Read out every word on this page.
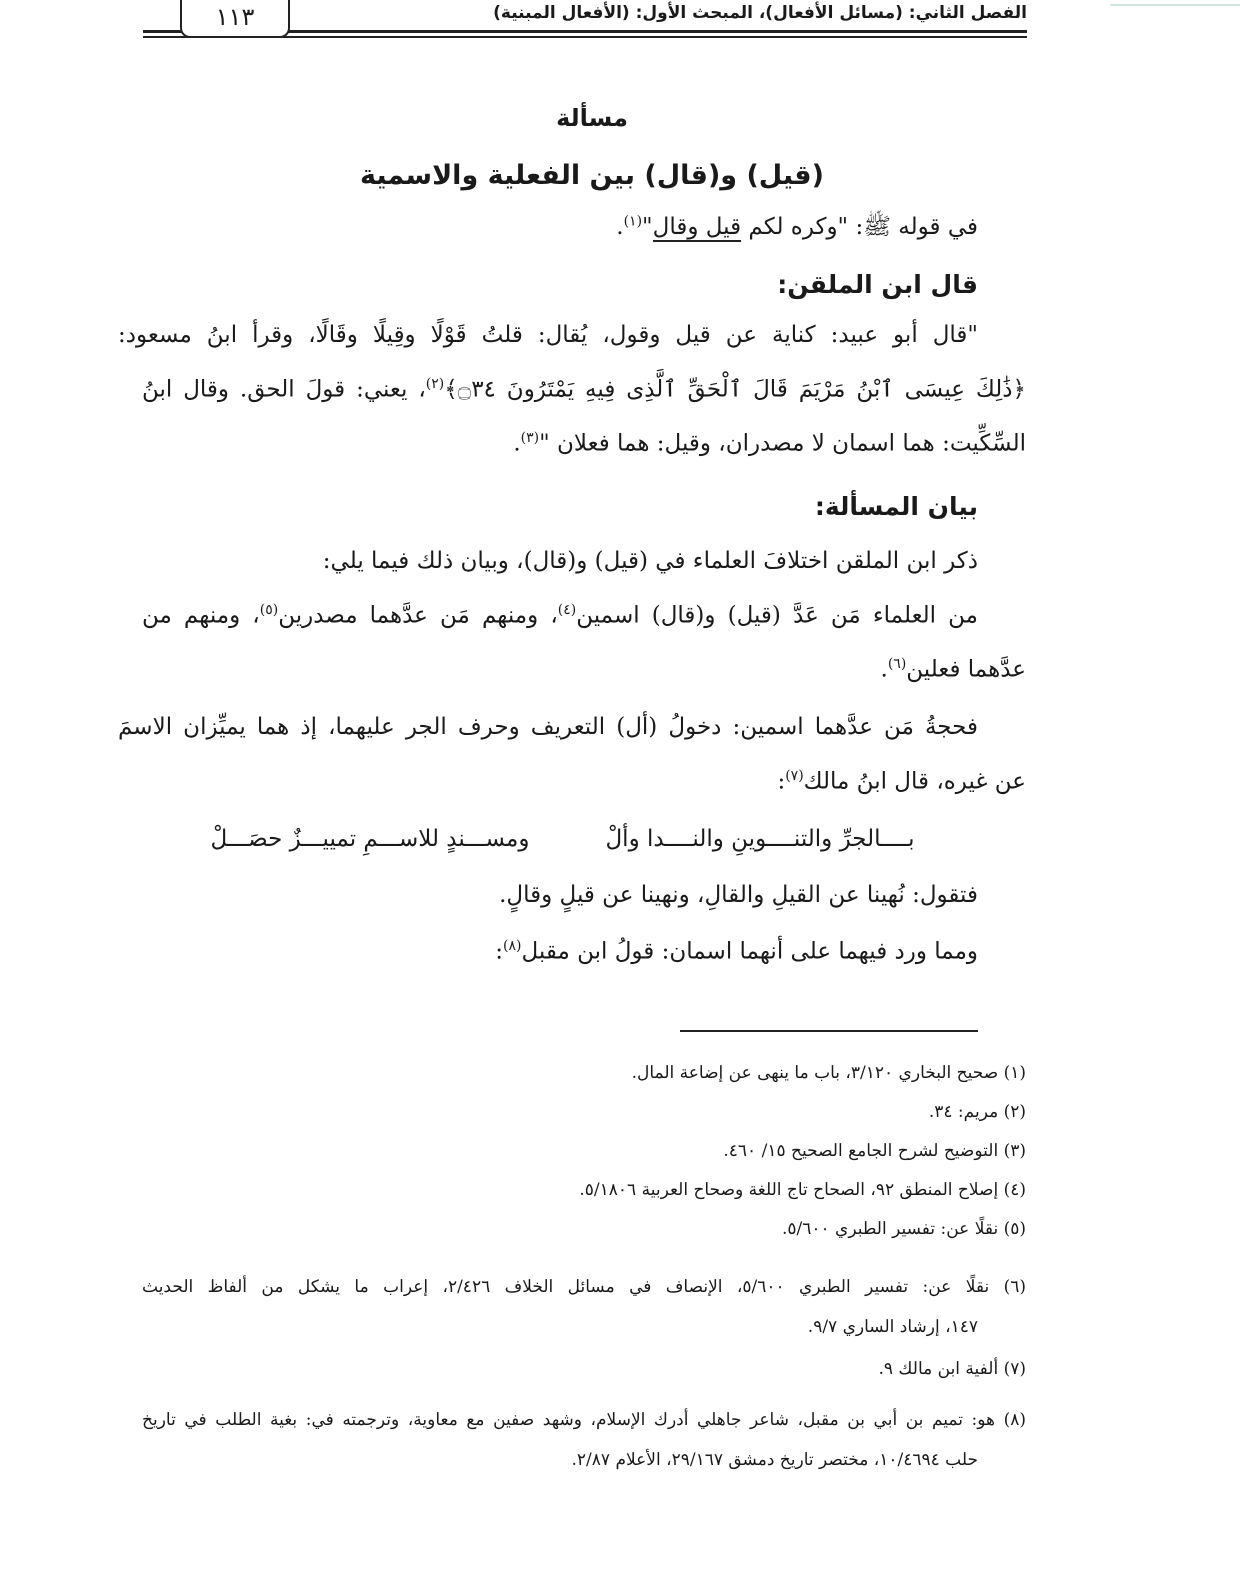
الفصل الثاني: (مسائل الأفعال)، المبحث الأول: (الأفعال المبنية)
١١٣
مسألة
(قيل) و(قال) بين الفعلية والاسمية
في قوله ﷺ: "وكره لكم قيل وقال"$^{(١)}$.
قال ابن الملقن:
"قال أبو عبيد: كناية عن قيل وقول، يُقال: قلتُ قَوْلًا وقِيلًا وقَالًا، وقرأ ابنُ مسعود:
﴿ذَٰلِكَ عِيسَى ٱبْنُ مَرْيَمَ قَالَ ٱلْحَقِّ ٱلَّذِى فِيهِ يَمْتَرُونَ ۝٣٤﴾$^{(٢)}$، يعني: قولَ الحق. وقال ابنُ
السِّكِّيت: هما اسمان لا مصدران، وقيل: هما فعلان "$^{(٣)}$.
بيان المسألة:
ذكر ابن الملقن اختلافَ العلماء في (قيل) و(قال)، وبيان ذلك فيما يلي:
من العلماء مَن عَدَّ (قيل) و(قال) اسمين$^{(٤)}$، ومنهم مَن عدَّهما مصدرين$^{(٥)}$، ومنهم من
عدَّهما فعلين$^{(٦)}$.
فحجةُ مَن عدَّهما اسمين: دخولُ (أل) التعريف وحرف الجر عليهما، إذ هما يميِّزان الاسمَ
عن غيره، قال ابنُ مالك$^{(٧)}$:
بــــالجرِّ والتنــــوينِ والنــــدا وألْ
ومســـندٍ للاســـمِ تمييـــزٌ حصَـــلْ
فتقول: نُهينا عن القيلِ والقالِ، ونهينا عن قيلٍ وقالٍ.
ومما ورد فيهما على أنهما اسمان: قولُ ابن مقبل$^{(٨)}$:
(١) صحيح البخاري ٣/١٢٠، باب ما ينهى عن إضاعة المال.
(٢) مريم: ٣٤.
(٣) التوضيح لشرح الجامع الصحيح ١٥/ ٤٦٠.
(٤) إصلاح المنطق ٩٢، الصحاح تاج اللغة وصحاح العربية ٥/١٨٠٦.
(٥) نقلًا عن: تفسير الطبري ٥/٦٠٠.
(٦) نقلًا عن: تفسير الطبري ٥/٦٠٠، الإنصاف في مسائل الخلاف ٢/٤٢٦، إعراب ما يشكل من ألفاظ الحديث
١٤٧، إرشاد الساري ٩/٧.
(٧) ألفية ابن مالك ٩.
(٨) هو: تميم بن أبي بن مقبل، شاعر جاهلي أدرك الإسلام، وشهد صفين مع معاوية، وترجمته في: بغية الطلب في تاريخ
حلب ١٠/٤٦٩٤، مختصر تاريخ دمشق ٢٩/١٦٧، الأعلام ٢/٨٧.
